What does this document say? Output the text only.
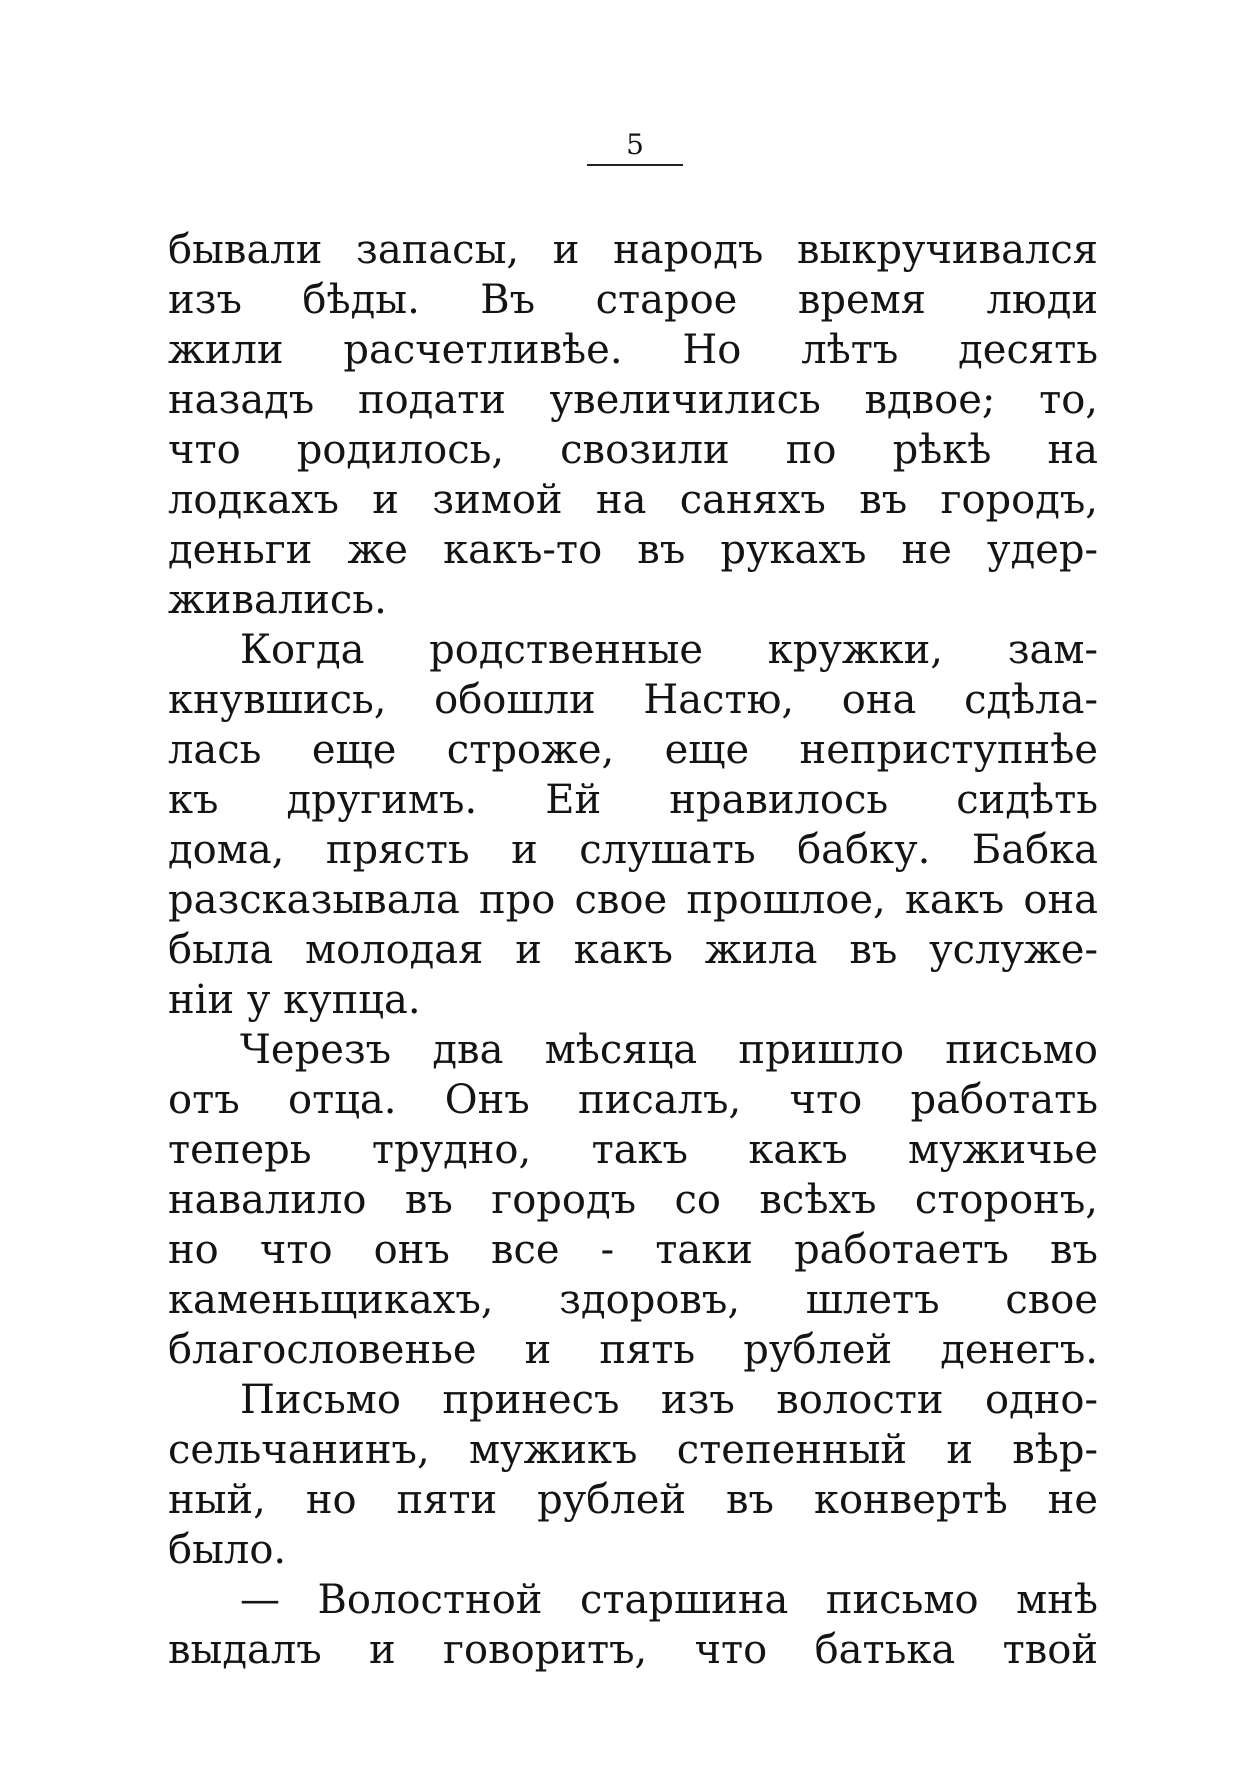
5
бывали запасы, и народъ выкручивался
изъ бѣды. Въ старое время люди
жили расчетливѣе. Но лѣтъ десять
назадъ подати увеличились вдвое; то,
что родилось, свозили по рѣкѣ на
лодкахъ и зимой на саняхъ въ городъ,
деньги же какъ-то въ рукахъ не удер-
живались.
Когда родственные кружки, зам-
кнувшись, обошли Настю, она сдѣла-
лась еще строже, еще неприступнѣе
къ другимъ. Ей нравилось сидѣть
дома, прясть и слушать бабку. Бабка
разсказывала про свое прошлое, какъ она
была молодая и какъ жила въ услуже-
нiи у купца.
Черезъ два мѣсяца пришло письмо
отъ отца. Онъ писалъ, что работать
теперь трудно, такъ какъ мужичье
навалило въ городъ со всѣхъ сторонъ,
но что онъ все - таки работаетъ въ
каменьщикахъ, здоровъ, шлетъ свое
благословенье и пять рублей денегъ.
Письмо принесъ изъ волости одно-
сельчанинъ, мужикъ степенный и вѣр-
ный, но пяти рублей въ конвертѣ не
было.
— Волостной старшина письмо мнѣ
выдалъ и говоритъ, что батька твой
